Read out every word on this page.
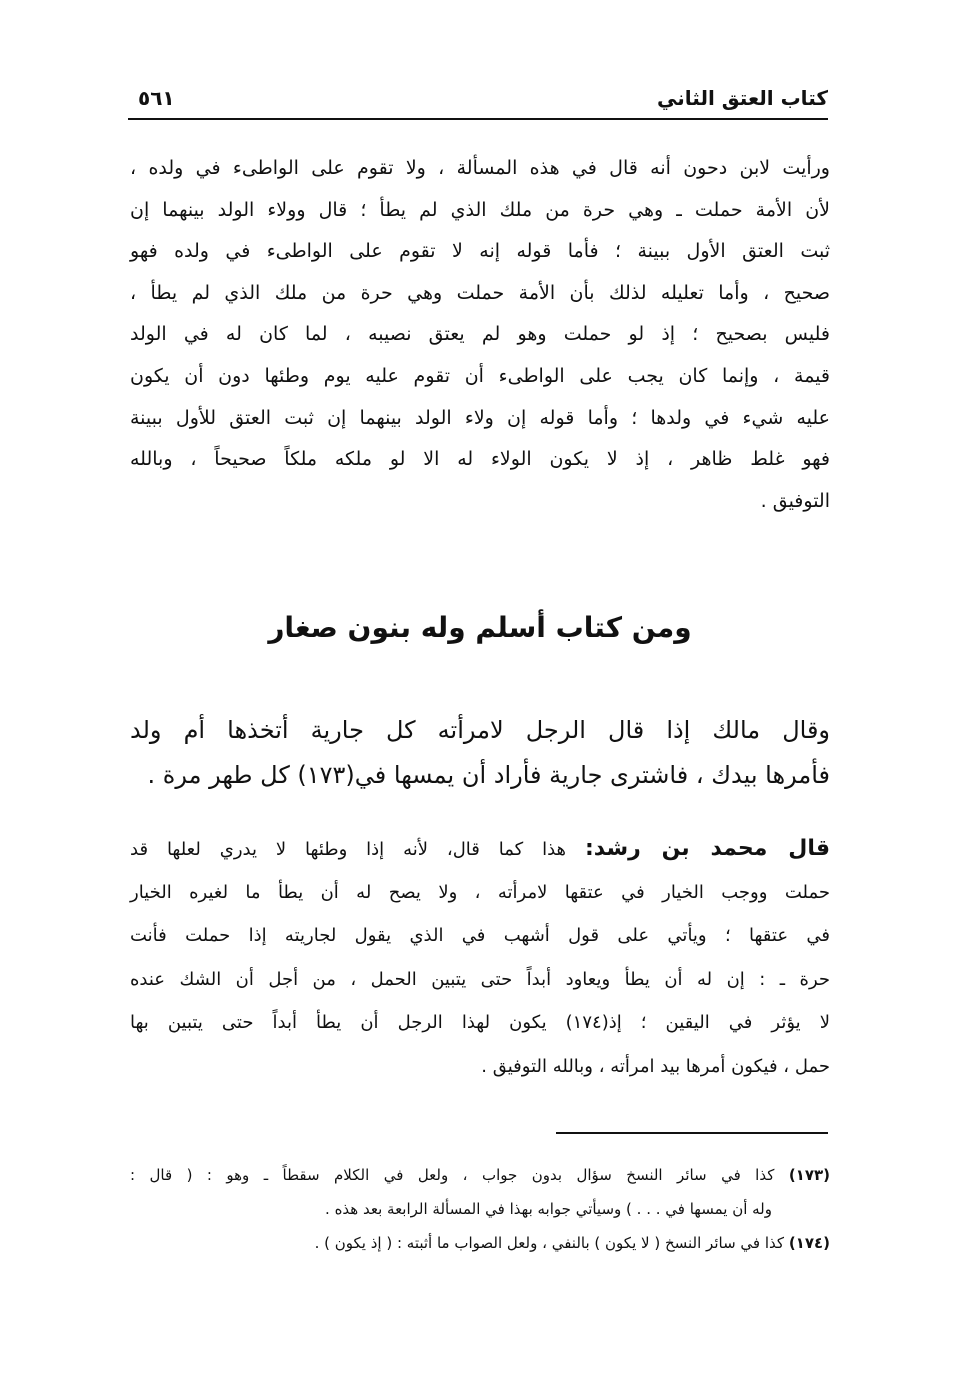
كتاب العتق الثاني
٥٦١
ورأيت لابن دحون أنه قال في هذه المسألة ، ولا تقوم على الواطىء في ولده ،
لأن الأمة حملت ـ وهي حرة من ملك الذي لم يطأ ؛ قال وولاء الولد بينهما إن
ثبت العتق الأول ببينة ؛ فأما قوله إنه لا تقوم على الواطىء في ولده فهو
صحيح ، وأما تعليله لذلك بأن الأمة حملت وهي حرة من ملك الذي لم يطأ ،
فليس بصحيح ؛ إذ لو حملت وهو لم يعتق نصيبه ، لما كان له في الولد
قيمة ، وإنما كان يجب على الواطىء أن تقوم عليه يوم وطئها دون أن يكون
عليه شيء في ولدها ؛ وأما قوله إن ولاء الولد بينهما إن ثبت العتق للأول ببينة
فهو غلط ظاهر ، إذ لا يكون الولاء له الا لو ملكه ملكاً صحيحاً ، وبالله
التوفيق .
ومن كتاب أسلم وله بنون صغار
وقال مالك إذا قال الرجل لامرأته كل جارية أتخذها أم ولد
فأمرها بيدك ، فاشترى جارية فأراد أن يمسها في(١٧٣) كل طهر مرة .
قال محمد بن رشد: هذا كما قال، لأنه إذا وطئها لا يدري لعلها قد
حملت ووجب الخيار في عتقها لامرأته ، ولا يصح له أن يطأ ما لغيره الخيار
في عتقها ؛ ويأتي على قول أشهب في الذي يقول لجاريته إذا حملت فأنت
حرة ـ : إن له أن يطأ ويعاود أبداً حتى يتبين الحمل ، من أجل أن الشك عنده
لا يؤثر في اليقين ؛ إذ(١٧٤) يكون لهذا الرجل أن يطأ أبداً حتى يتبين بها
حمل ، فيكون أمرها بيد امرأته ، وبالله التوفيق .
(١٧٣) كذا في سائر النسخ سؤال بدون جواب ، ولعل في الكلام سقطاً ـ وهو : ( قال :
وله أن يمسها في . . . ) وسيأتي جوابه بهذا في المسألة الرابعة بعد هذه .
(١٧٤) كذا في سائر النسخ ( لا يكون ) بالنفي ، ولعل الصواب ما أثبته : ( إذ يكون ) .
